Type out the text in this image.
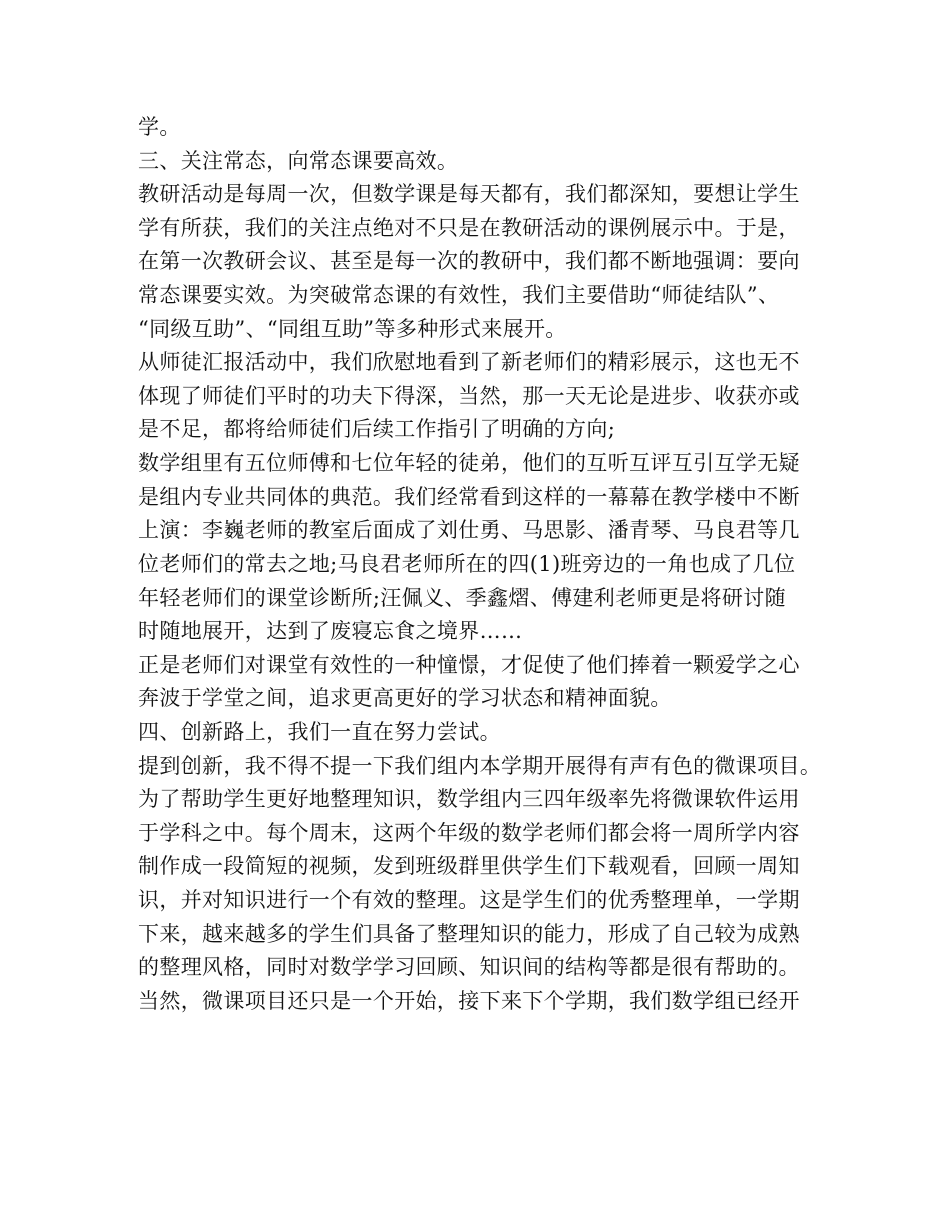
学。
三、关注常态，向常态课要高效。
教研活动是每周一次，但数学课是每天都有，我们都深知，要想让学生
学有所获，我们的关注点绝对不只是在教研活动的课例展示中。于是，
在第一次教研会议、甚至是每一次的教研中，我们都不断地强调：要向
常态课要实效。为突破常态课的有效性，我们主要借助“师徒结队”、
“同级互助”、“同组互助”等多种形式来展开。
从师徒汇报活动中，我们欣慰地看到了新老师们的精彩展示，这也无不
体现了师徒们平时的功夫下得深，当然，那一天无论是进步、收获亦或
是不足，都将给师徒们后续工作指引了明确的方向;
数学组里有五位师傅和七位年轻的徒弟，他们的互听互评互引互学无疑
是组内专业共同体的典范。我们经常看到这样的一幕幕在教学楼中不断
上演：李巍老师的教室后面成了刘仕勇、马思影、潘青琴、马良君等几
位老师们的常去之地;马良君老师所在的四(1)班旁边的一角也成了几位
年轻老师们的课堂诊断所;汪佩义、季鑫熠、傅建利老师更是将研讨随
时随地展开，达到了废寝忘食之境界……
正是老师们对课堂有效性的一种憧憬，才促使了他们捧着一颗爱学之心
奔波于学堂之间，追求更高更好的学习状态和精神面貌。
四、创新路上，我们一直在努力尝试。
提到创新，我不得不提一下我们组内本学期开展得有声有色的微课项目。
为了帮助学生更好地整理知识，数学组内三四年级率先将微课软件运用
于学科之中。每个周末，这两个年级的数学老师们都会将一周所学内容
制作成一段简短的视频，发到班级群里供学生们下载观看，回顾一周知
识，并对知识进行一个有效的整理。这是学生们的优秀整理单，一学期
下来，越来越多的学生们具备了整理知识的能力，形成了自己较为成熟
的整理风格，同时对数学学习回顾、知识间的结构等都是很有帮助的。
当然，微课项目还只是一个开始，接下来下个学期，我们数学组已经开
